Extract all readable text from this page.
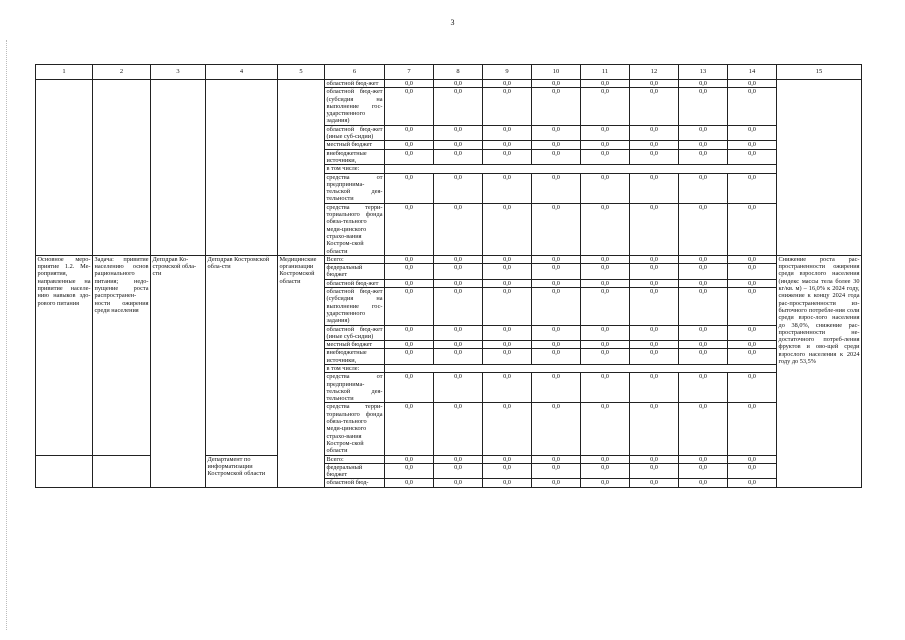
3
1	2	3	4	5	6	7	8	9	10	11	12	13	14	15
					областной бюд-жет	0,0	0,0	0,0	0,0	0,0	0,0	0,0	0,0	
					областной бюд-жет (субсидия на выполнение гос-ударственного задания)	0,0	0,0	0,0	0,0	0,0	0,0	0,0	0,0	
					областной бюд-жет (иные суб-сидии)	0,0	0,0	0,0	0,0	0,0	0,0	0,0	0,0	
					местный бюджет	0,0	0,0	0,0	0,0	0,0	0,0	0,0	0,0	
					внебюджетные источники,	0,0	0,0	0,0	0,0	0,0	0,0	0,0	0,0	
					в том числе:									
					средства от предпринима-тельской дея-тельности	0,0	0,0	0,0	0,0	0,0	0,0	0,0	0,0	
					средства терри-ториального фонда обяза-тельного меди-цинского страхо-вания Костром-ской области	0,0	0,0	0,0	0,0	0,0	0,0	0,0	0,0	
Основное меро-приятие 1.2. Ме-роприятия, направленные на привитие населе-нию навыков здо-рового питания	Задача: привитие населению основ рационального питания; недо-пущение роста распространен-ности ожирения среди населения	Депздрав Ко-стромской обла-сти	Депздрав Костромской обла-сти	Медицинские организации Костромской области	Всего:	0,0	0,0	0,0	0,0	0,0	0,0	0,0	0,0	Снижение роста рас-пространенности ожирения среди взрослого населения (индекс массы тела более 30 кг/кв. м) – 16,0% к 2024 году, снижение к концу 2024 года рас-пространенности из-быточного потребле-ния соли среди взрос-лого населения до 38,0%, снижение рас-пространенности не-достаточного потреб-ления фруктов и ово-щей среди взрослого населения к 2024 году до 53,5%
					федеральный бюджет	0,0	0,0	0,0	0,0	0,0	0,0	0,0	0,0	
					областной бюд-жет	0,0	0,0	0,0	0,0	0,0	0,0	0,0	0,0	
					областной бюд-жет (субсидия на выполнение гос-ударственного задания)	0,0	0,0	0,0	0,0	0,0	0,0	0,0	0,0	
					областной бюд-жет (иные суб-сидии)	0,0	0,0	0,0	0,0	0,0	0,0	0,0	0,0	
					местный бюджет	0,0	0,0	0,0	0,0	0,0	0,0	0,0	0,0	
					внебюджетные источники,	0,0	0,0	0,0	0,0	0,0	0,0	0,0	0,0	
					в том числе:									
					средства от предпринима-тельской дея-тельности	0,0	0,0	0,0	0,0	0,0	0,0	0,0	0,0	
					средства терри-ториального фонда обяза-тельного меди-цинского страхо-вания Костром-ской области	0,0	0,0	0,0	0,0	0,0	0,0	0,0	0,0	
			Департамент по информатизации Костромской области		Всего:	0,0	0,0	0,0	0,0	0,0	0,0	0,0	0,0	
					федеральный бюджет	0,0	0,0	0,0	0,0	0,0	0,0	0,0	0,0	
					областной бюд-	0,0	0,0	0,0	0,0	0,0	0,0	0,0	0,0	
